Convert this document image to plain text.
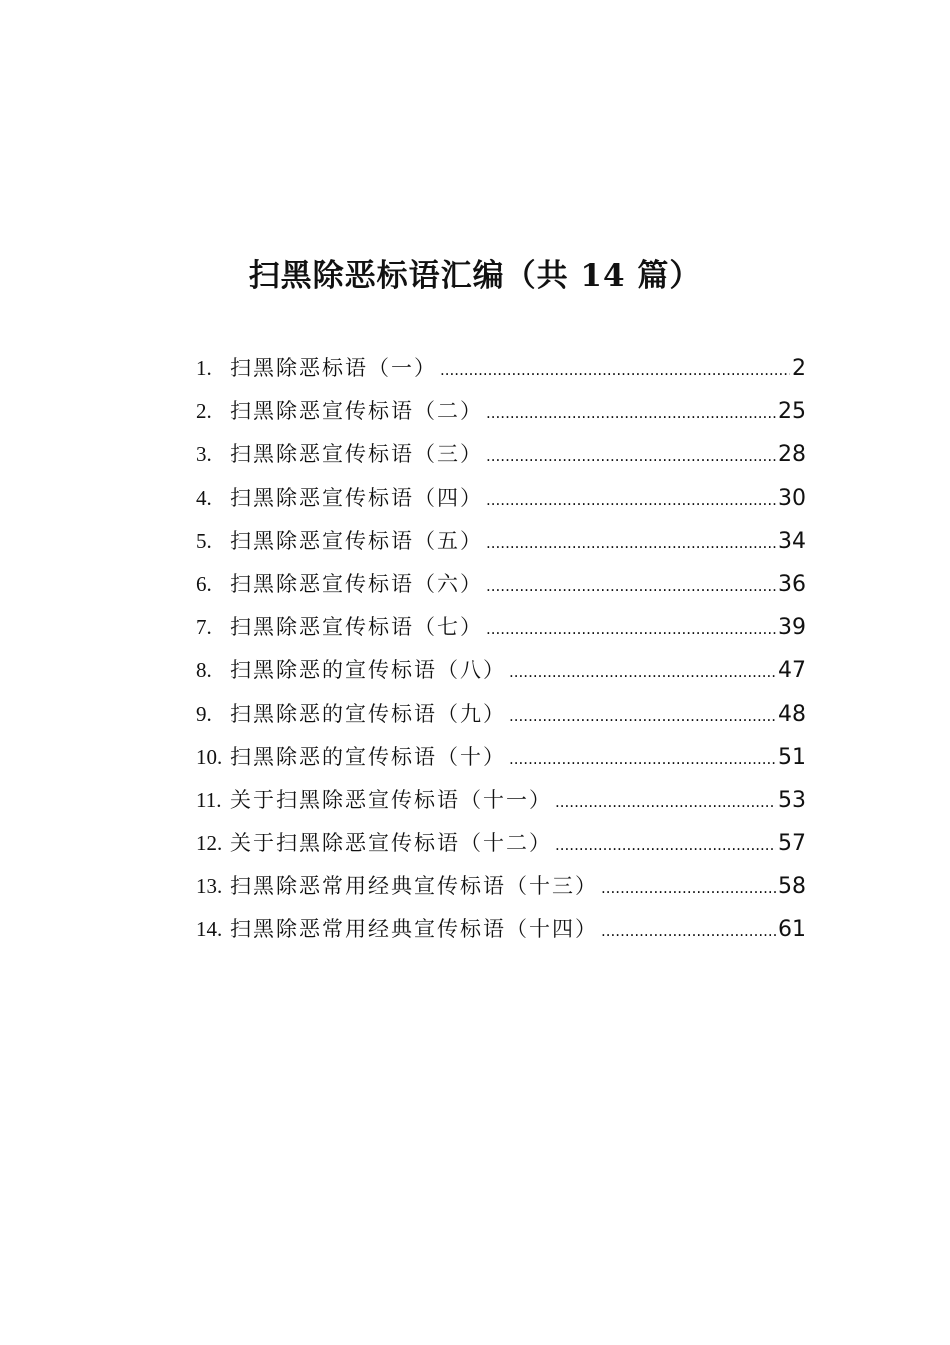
扫黑除恶标语汇编（共 14 篇）
1. 扫黑除恶标语（一） .....	2
2. 扫黑除恶宣传标语（二） .....	25
3. 扫黑除恶宣传标语（三） .....	28
4. 扫黑除恶宣传标语（四） .....	30
5. 扫黑除恶宣传标语（五） .....	34
6. 扫黑除恶宣传标语（六） .....	36
7. 扫黑除恶宣传标语（七） .....	39
8. 扫黑除恶的宣传标语（八） .....	47
9. 扫黑除恶的宣传标语（九） .....	48
10. 扫黑除恶的宣传标语（十） .....	51
11. 关于扫黑除恶宣传标语（十一） .....	53
12. 关于扫黑除恶宣传标语（十二） .....	57
13. 扫黑除恶常用经典宣传标语（十三） .....	58
14. 扫黑除恶常用经典宣传标语（十四） .....	61
